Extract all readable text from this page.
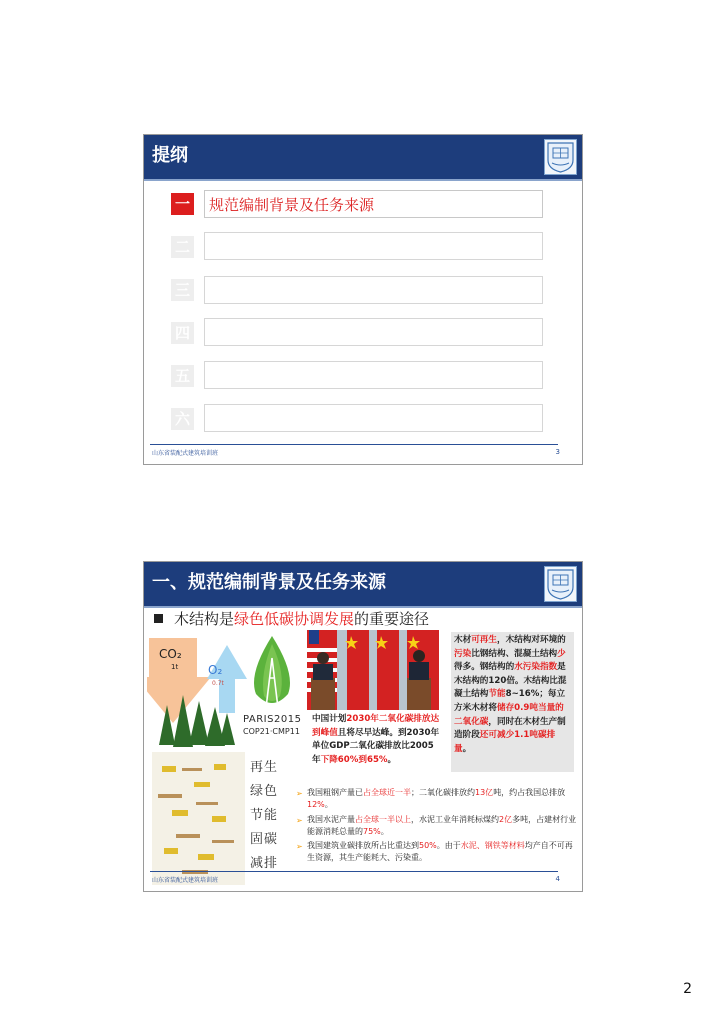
提纲
一 规范编制背景及任务来源
二
三
四
五
六
山东省装配式建筑培训班	3
一、规范编制背景及任务来源
木结构是绿色低碳协调发展的重要途径
CO₂
1t O₂
0.7t
PARIS2015
COP21·CMP11
中国计划2030年二氧化碳排放达到峰值且将尽早达峰。到2030年单位GDP二氧化碳排放比2005年下降60%到65%。
木材可再生，木结构对环境的污染比钢结构、混凝土结构少得多。钢结构的水污染指数是木结构的120倍。木结构比混凝土结构节能8~16%；每立方米木材将储存0.9吨当量的二氧化碳，同时在木材生产制造阶段还可减少1.1吨碳排量。
再生
绿色
节能
固碳
减排
➢ 我国粗钢产量已占全球近一半；二氧化碳排放约13亿吨，约占我国总排放12%。
➢ 我国水泥产量占全球一半以上，水泥工业年消耗标煤约2亿多吨，占建材行业能源消耗总量的75%。
➢ 我国建筑业碳排放所占比重达到50%。由于水泥、钢铁等材料均产自不可再生资源，其生产能耗大、污染重。
山东省装配式建筑培训班	4
2
